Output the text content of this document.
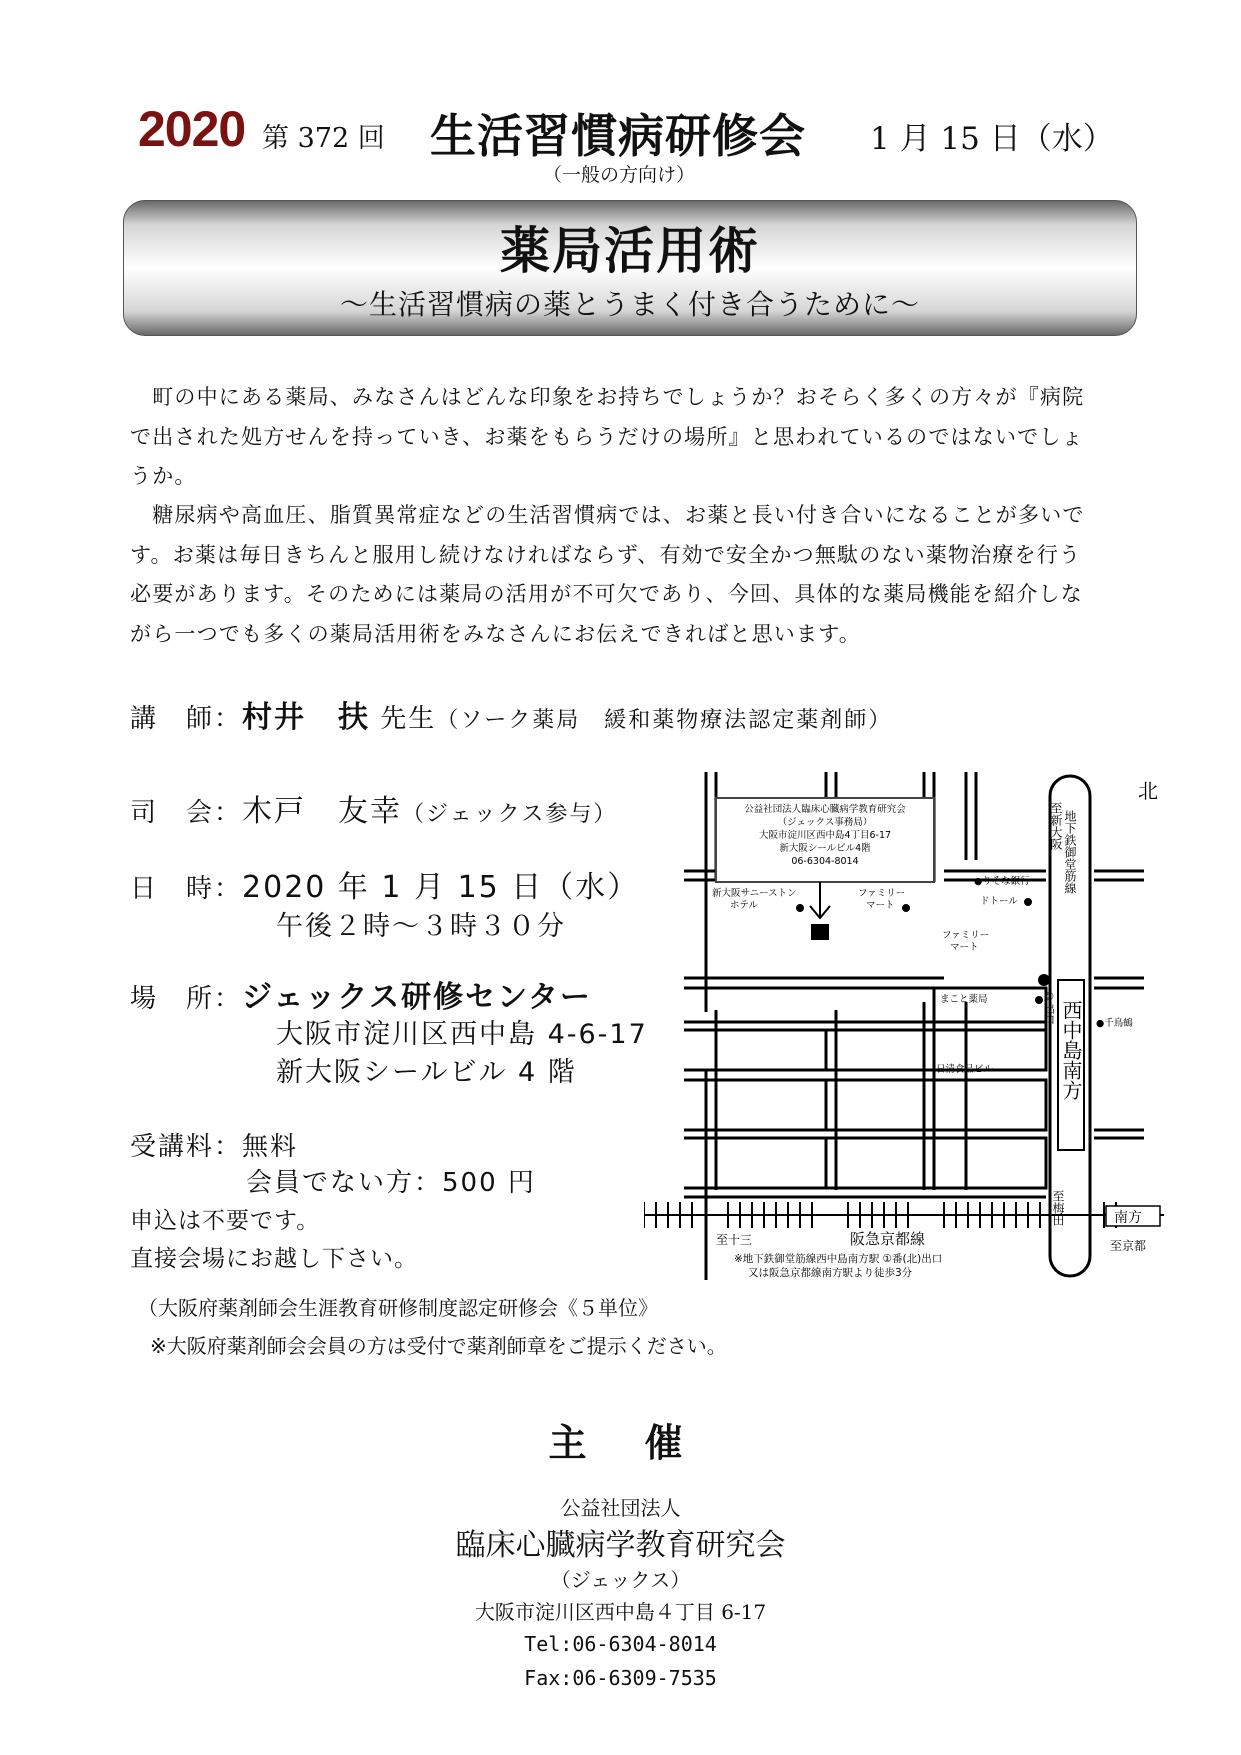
2020 第 372 回 生活習慣病研修会 1 月 15 日（水）
（一般の方向け）
薬局活用術
～生活習慣病の薬とうまく付き合うために～
　町の中にある薬局、みなさんはどんな印象をお持ちでしょうか？おそらく多くの方々が『病院で出された処方せんを持っていき、お薬をもらうだけの場所』と思われているのではないでしょうか。
　糖尿病や高血圧、脂質異常症などの生活習慣病では、お薬と長い付き合いになることが多いです。お薬は毎日きちんと服用し続けなければならず、有効で安全かつ無駄のない薬物治療を行う必要があります。そのためには薬局の活用が不可欠であり、今回、具体的な薬局機能を紹介しながら一つでも多くの薬局活用術をみなさんにお伝えできればと思います。
講　師：村井　扶 先生（ソーク薬局　緩和薬物療法認定薬剤師）
司　会：木戸　友幸（ジェックス参与）
日　時：2020 年 1 月 15 日（水）
午後２時～３時３０分
場　所：ジェックス研修センター
大阪市淀川区西中島 4-6-17
新大阪シールビル 4 階
受講料：無料
会員でない方：500 円
申込は不要です。
直接会場にお越し下さい。
（大阪府薬剤師会生涯教育研修制度認定研修会《５単位》
※大阪府薬剤師会会員の方は受付で薬剤師章をご提示ください。
地下鉄御堂筋線
至新大阪
西中島南方
①出口
至梅田
北
南方
至京都
阪急京都線
至十三
公益社団法人臨床心臓病学教育研究会
（ジェックス事務局）
大阪市淀川区西中島4丁目6-17
新大阪シールビル4階
06-6304-8014
●りそな銀行
新大阪サニーストン
ホテル
ファミリー
マート	ドトール
ファミリー
マート
まこと薬局
●千鳥鶴
日清食品ビル
※地下鉄御堂筋線西中島南方駅 ①番(北)出口
又は阪急京都線南方駅より徒歩3分
主　催
公益社団法人
臨床心臓病学教育研究会
（ジェックス）
大阪市淀川区西中島４丁目 6-17
Tel:06-6304-8014
Fax:06-6309-7535
